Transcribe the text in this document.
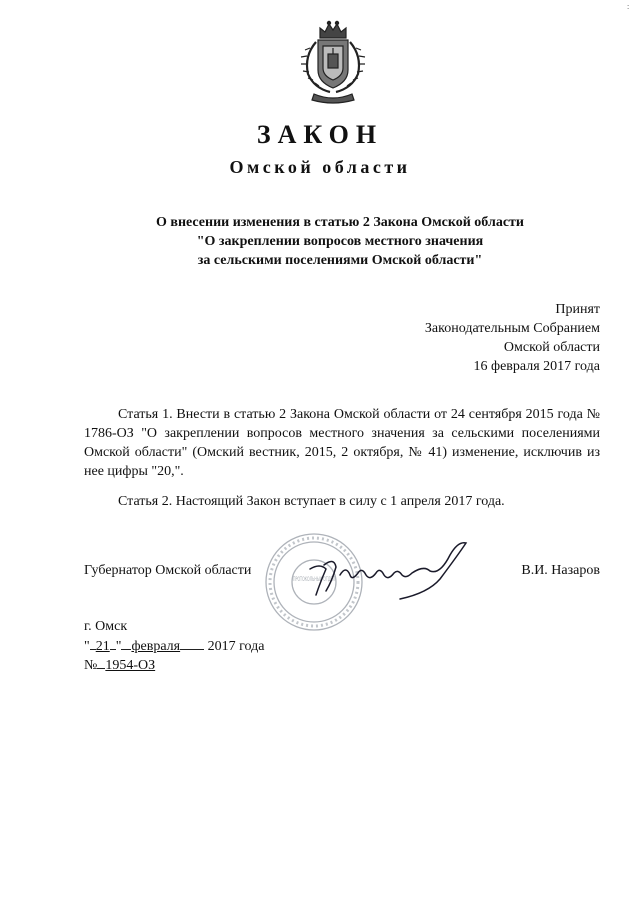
:
ЗАКОН
Омской области
О внесении изменения в статью 2 Закона Омской области
"О закреплении вопросов местного значения
за сельскими поселениями Омской области"
Принят
Законодательным Собранием
Омской области
16 февраля 2017 года
Статья 1. Внести в статью 2 Закона Омской области от 24 сентября 2015 года № 1786-ОЗ "О закреплении вопросов местного значения за сельскими поселениями Омской области" (Омский вестник, 2015, 2 октября, № 41) изменение, исключив из нее цифры "20,".
Статья 2. Настоящий Закон вступает в силу с 1 апреля 2017 года.
ПРОТОКОЛЬНЫЙ ОТДЕЛ
Губернатор Омской области	В.И. Назаров
г. Омск
" 21 " февраля 2017 года
№ 1954-ОЗ
